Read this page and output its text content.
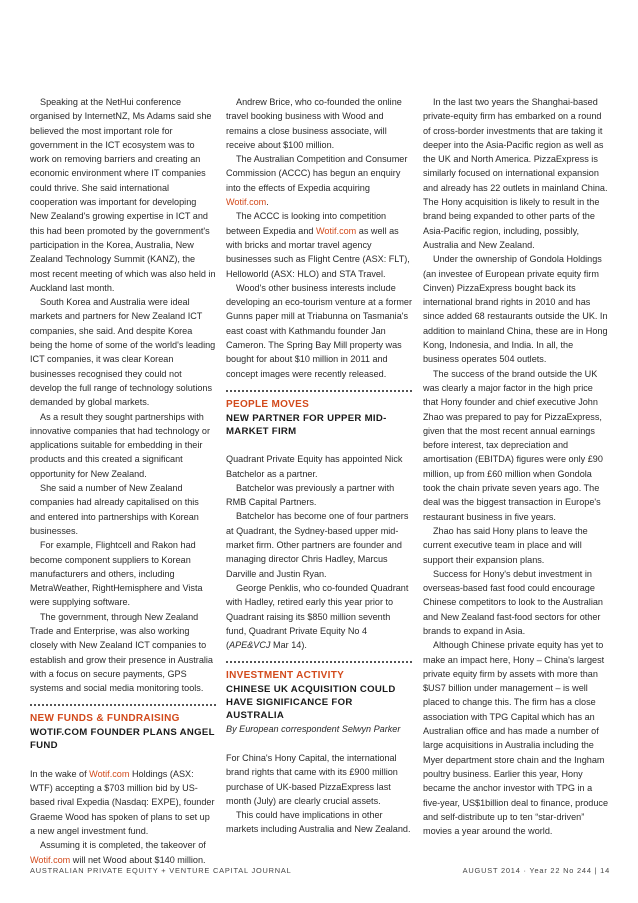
Speaking at the NetHui conference organised by InternetNZ, Ms Adams said she believed the most important role for government in the ICT ecosystem was to work on removing barriers and creating an economic environment where IT companies could thrive. She said international cooperation was important for developing New Zealand's growing expertise in ICT and this had been promoted by the government's participation in the Korea, Australia, New Zealand Technology Summit (KANZ), the most recent meeting of which was also held in Auckland last month.

South Korea and Australia were ideal markets and partners for New Zealand ICT companies, she said. And despite Korea being the home of some of the world's leading ICT companies, it was clear Korean businesses recognised they could not develop the full range of technology solutions demanded by global markets.

As a result they sought partnerships with innovative companies that had technology or applications suitable for embedding in their products and this created a significant opportunity for New Zealand.

She said a number of New Zealand companies had already capitalised on this and entered into partnerships with Korean businesses.

For example, Flightcell and Rakon had become component suppliers to Korean manufacturers and others, including MetraWeather, RightHemisphere and Vista were supplying software.

The government, through New Zealand Trade and Enterprise, was also working closely with New Zealand ICT companies to establish and grow their presence in Australia with a focus on secure payments, GPS systems and social media monitoring tools.

NEW FUNDS & FUNDRAISING
WOTIF.COM FOUNDER PLANS ANGEL FUND

In the wake of Wotif.com Holdings (ASX: WTF) accepting a $703 million bid by US-based rival Expedia (Nasdaq: EXPE), founder Graeme Wood has spoken of plans to set up a new angel investment fund.

Assuming it is completed, the takeover of Wotif.com will net Wood about $140 million.

Andrew Brice, who co-founded the online travel booking business with Wood and remains a close business associate, will receive about $100 million.

The Australian Competition and Consumer Commission (ACCC) has begun an enquiry into the effects of Expedia acquiring Wotif.com.

The ACCC is looking into competition between Expedia and Wotif.com as well as with bricks and mortar travel agency businesses such as Flight Centre (ASX: FLT), Helloworld (ASX: HLO) and STA Travel.

Wood's other business interests include developing an eco-tourism venture at a former Gunns paper mill at Triabunna on Tasmania's east coast with Kathmandu founder Jan Cameron. The Spring Bay Mill property was bought for about $10 million in 2011 and concept images were recently released.

PEOPLE MOVES
NEW PARTNER FOR UPPER MID-MARKET FIRM

Quadrant Private Equity has appointed Nick Batchelor as a partner.

Batchelor was previously a partner with RMB Capital Partners.

Batchelor has become one of four partners at Quadrant, the Sydney-based upper mid-market firm. Other partners are founder and managing director Chris Hadley, Marcus Darville and Justin Ryan.

George Penklis, who co-founded Quadrant with Hadley, retired early this year prior to Quadrant raising its $850 million seventh fund, Quadrant Private Equity No 4 (APE&VCJ Mar 14).

INVESTMENT ACTIVITY
CHINESE UK ACQUISITION COULD HAVE SIGNIFICANCE FOR AUSTRALIA

By European correspondent Selwyn Parker

For China's Hony Capital, the international brand rights that came with its £900 million purchase of UK-based PizzaExpress last month (July) are clearly crucial assets.

This could have implications in other markets including Australia and New Zealand.

In the last two years the Shanghai-based private-equity firm has embarked on a round of cross-border investments that are taking it deeper into the Asia-Pacific region as well as the UK and North America. PizzaExpress is similarly focused on international expansion and already has 22 outlets in mainland China. The Hony acquisition is likely to result in the brand being expanded to other parts of the Asia-Pacific region, including, possibly, Australia and New Zealand.

Under the ownership of Gondola Holdings (an investee of European private equity firm Cinven) PizzaExpress bought back its international brand rights in 2010 and has since added 68 restaurants outside the UK. In addition to mainland China, these are in Hong Kong, Indonesia, and India. In all, the business operates 504 outlets.

The success of the brand outside the UK was clearly a major factor in the high price that Hony founder and chief executive John Zhao was prepared to pay for PizzaExpress, given that the most recent annual earnings before interest, tax depreciation and amortisation (EBITDA) figures were only £90 million, up from £60 million when Gondola took the chain private seven years ago. The deal was the biggest transaction in Europe's restaurant business in five years.

Zhao has said Hony plans to leave the current executive team in place and will support their expansion plans.

Success for Hony's debut investment in overseas-based fast food could encourage Chinese competitors to look to the Australian and New Zealand fast-food sectors for other brands to expand in Asia.

Although Chinese private equity has yet to make an impact here, Hony – China's largest private equity firm by assets with more than $US7 billion under management – is well placed to change this. The firm has a close association with TPG Capital which has an Australian office and has made a number of large acquisitions in Australia including the Myer department store chain and the Ingham poultry business. Earlier this year, Hony became the anchor investor with TPG in a five-year, US$1billion deal to finance, produce and self-distribute up to ten “star-driven” movies a year around the world.

AUSTRALIAN PRIVATE EQUITY + VENTURE CAPITAL JOURNAL	AUGUST 2014 · Year 22 No 244 | 14
